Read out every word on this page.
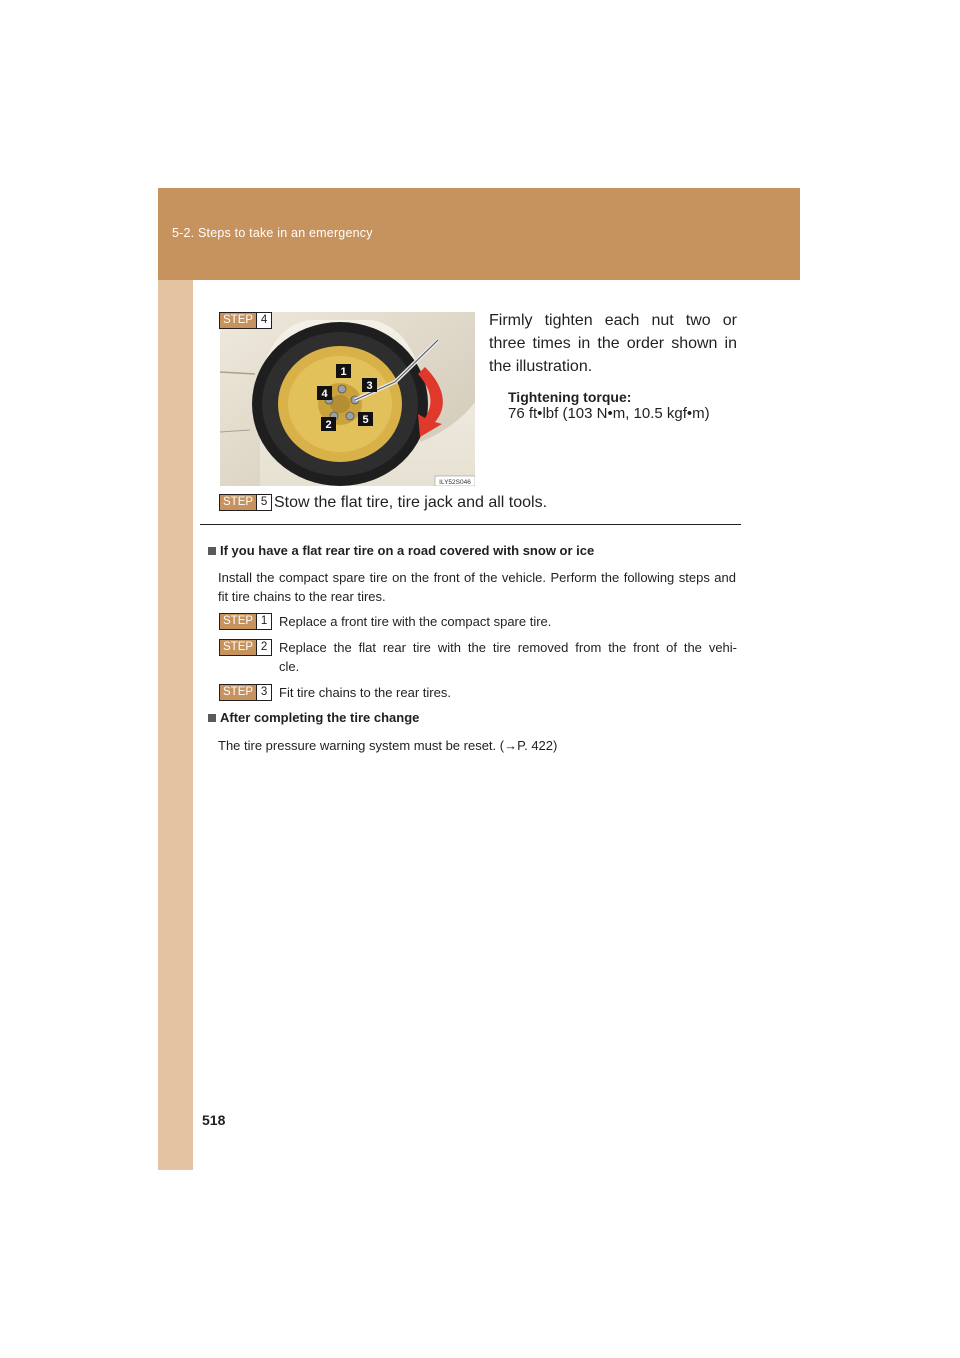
5-2. Steps to take in an emergency
1
2
3
4
5
ILY52S046
STEP 4	Firmly tighten each nut two or three times in the order shown in the illustration.
Tightening torque:
76 ft•lbf (103 N•m, 10.5 kgf•m)
STEP 5 Stow the flat tire, tire jack and all tools.
If you have a flat rear tire on a road covered with snow or ice
Install the compact spare tire on the front of the vehicle. Perform the following steps and fit tire chains to the rear tires.
STEP 1 Replace a front tire with the compact spare tire.
STEP 2 Replace the flat rear tire with the tire removed from the front of the vehi-
cle.
STEP 3 Fit tire chains to the rear tires.
After completing the tire change
The tire pressure warning system must be reset. (→P. 422)
518
